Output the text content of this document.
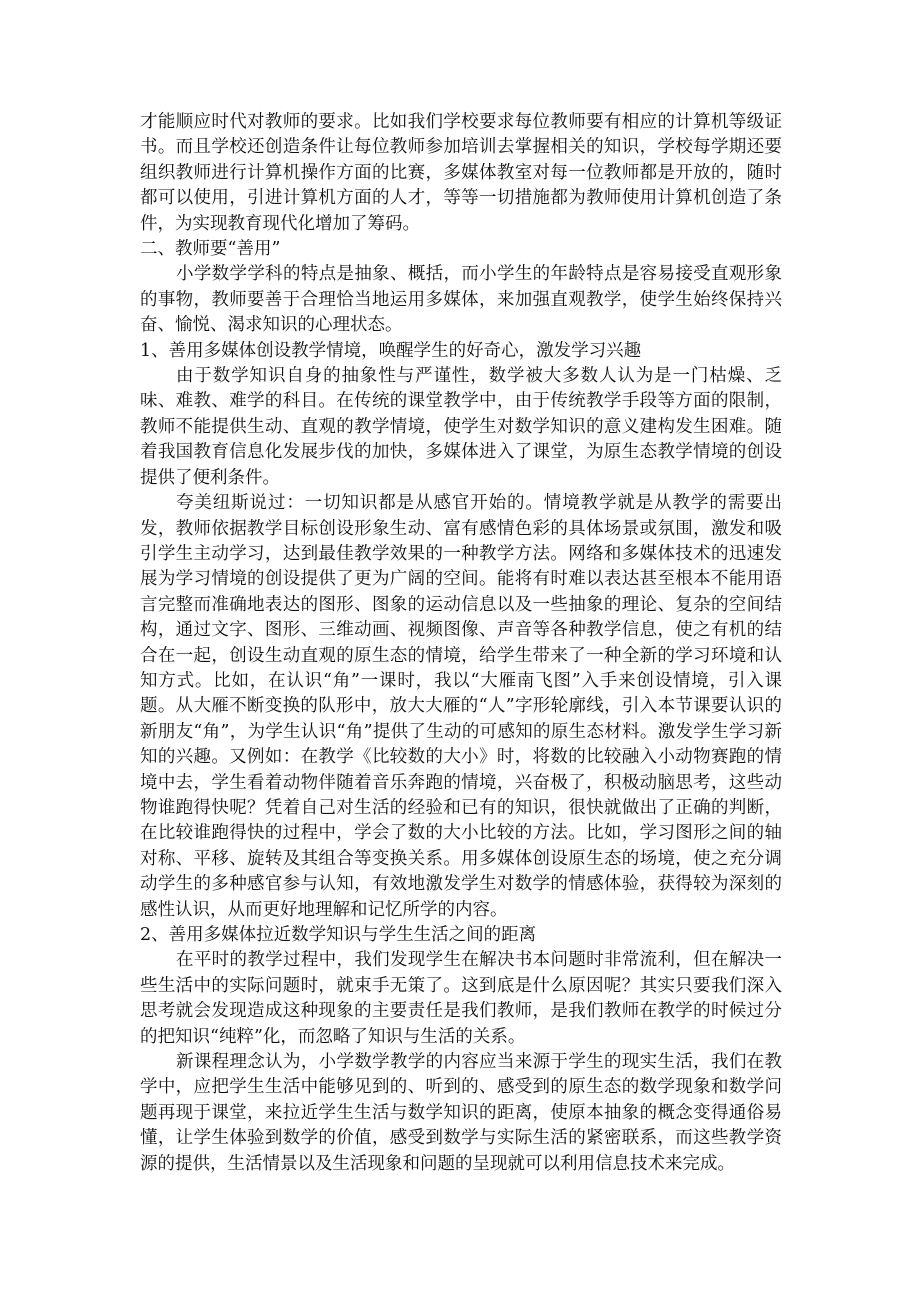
才能顺应时代对教师的要求。比如我们学校要求每位教师要有相应的计算机等级证书。而且学校还创造条件让每位教师参加培训去掌握相关的知识，学校每学期还要组织教师进行计算机操作方面的比赛，多媒体教室对每一位教师都是开放的，随时都可以使用，引进计算机方面的人才，等等一切措施都为教师使用计算机创造了条件，为实现教育现代化增加了筹码。

二、教师要“善用”

小学数学学科的特点是抽象、概括，而小学生的年龄特点是容易接受直观形象的事物，教师要善于合理恰当地运用多媒体，来加强直观教学，使学生始终保持兴奋、愉悦、渴求知识的心理状态。

1、善用多媒体创设教学情境，唤醒学生的好奇心，激发学习兴趣

由于数学知识自身的抽象性与严谨性，数学被大多数人认为是一门枯燥、乏味、难教、难学的科目。在传统的课堂教学中，由于传统教学手段等方面的限制，教师不能提供生动、直观的教学情境，使学生对数学知识的意义建构发生困难。随着我国教育信息化发展步伐的加快，多媒体进入了课堂，为原生态教学情境的创设提供了便利条件。

夸美纽斯说过：一切知识都是从感官开始的。情境教学就是从教学的需要出发，教师依据教学目标创设形象生动、富有感情色彩的具体场景或氛围，激发和吸引学生主动学习，达到最佳教学效果的一种教学方法。网络和多媒体技术的迅速发展为学习情境的创设提供了更为广阔的空间。能将有时难以表达甚至根本不能用语言完整而准确地表达的图形、图象的运动信息以及一些抽象的理论、复杂的空间结构，通过文字、图形、三维动画、视频图像、声音等各种教学信息，使之有机的结合在一起，创设生动直观的原生态的情境，给学生带来了一种全新的学习环境和认知方式。比如，在认识“角”一课时，我以“大雁南飞图”入手来创设情境，引入课题。从大雁不断变换的队形中，放大大雁的“人”字形轮廓线，引入本节课要认识的新朋友“角”，为学生认识“角”提供了生动的可感知的原生态材料。激发学生学习新知的兴趣。又例如：在教学《比较数的大小》时，将数的比较融入小动物赛跑的情境中去，学生看着动物伴随着音乐奔跑的情境，兴奋极了，积极动脑思考，这些动物谁跑得快呢？凭着自己对生活的经验和已有的知识，很快就做出了正确的判断，在比较谁跑得快的过程中，学会了数的大小比较的方法。比如，学习图形之间的轴对称、平移、旋转及其组合等变换关系。用多媒体创设原生态的场境，使之充分调动学生的多种感官参与认知，有效地激发学生对数学的情感体验，获得较为深刻的感性认识，从而更好地理解和记忆所学的内容。

2、善用多媒体拉近数学知识与学生生活之间的距离

在平时的教学过程中，我们发现学生在解决书本问题时非常流利，但在解决一些生活中的实际问题时，就束手无策了。这到底是什么原因呢？其实只要我们深入思考就会发现造成这种现象的主要责任是我们教师，是我们教师在教学的时候过分的把知识“纯粹”化，而忽略了知识与生活的关系。

新课程理念认为，小学数学教学的内容应当来源于学生的现实生活，我们在教学中，应把学生生活中能够见到的、听到的、感受到的原生态的数学现象和数学问题再现于课堂，来拉近学生生活与数学知识的距离，使原本抽象的概念变得通俗易懂，让学生体验到数学的价值，感受到数学与实际生活的紧密联系，而这些教学资源的提供，生活情景以及生活现象和问题的呈现就可以利用信息技术来完成。
